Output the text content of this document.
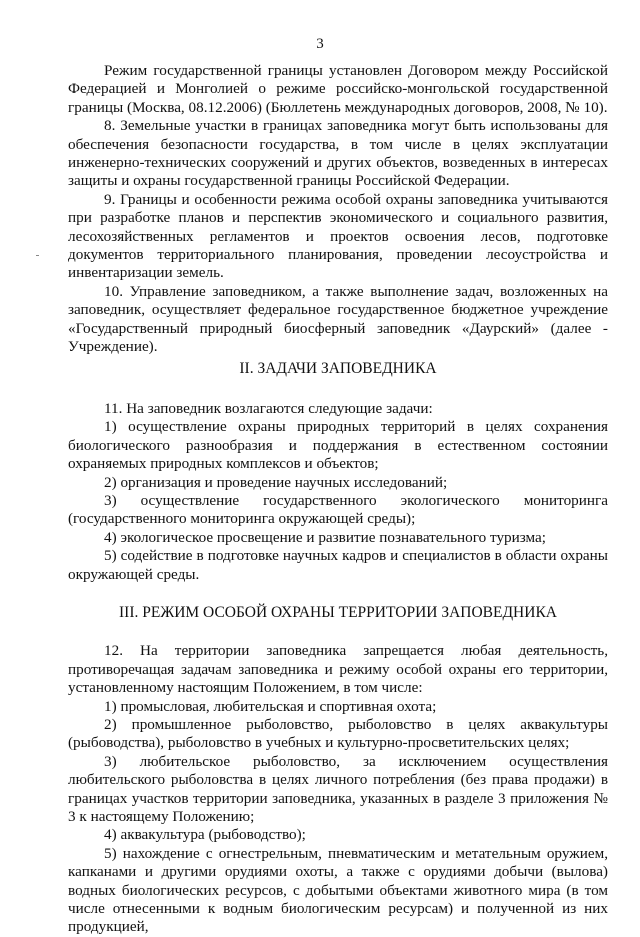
3

Режим государственной границы установлен Договором между Российской Федерацией и Монголией о режиме российско-монгольской государственной границы (Москва, 08.12.2006) (Бюллетень международных договоров, 2008, № 10).

8. Земельные участки в границах заповедника могут быть использованы для обеспечения безопасности государства, в том числе в целях эксплуатации инженерно-технических сооружений и других объектов, возведенных в интересах защиты и охраны государственной границы Российской Федерации.

9. Границы и особенности режима особой охраны заповедника учитываются при разработке планов и перспектив экономического и социального развития, лесохозяйственных регламентов и проектов освоения лесов, подготовке документов территориального планирования, проведении лесоустройства и инвентаризации земель.

10. Управление заповедником, а также выполнение задач, возложенных на заповедник, осуществляет федеральное государственное бюджетное учреждение «Государственный природный биосферный заповедник «Даурский» (далее - Учреждение).

II. ЗАДАЧИ ЗАПОВЕДНИКА

11. На заповедник возлагаются следующие задачи:

1) осуществление охраны природных территорий в целях сохранения биологического разнообразия и поддержания в естественном состоянии охраняемых природных комплексов и объектов;

2) организация и проведение научных исследований;

3) осуществление государственного экологического мониторинга (государственного мониторинга окружающей среды);

4) экологическое просвещение и развитие познавательного туризма;

5) содействие в подготовке научных кадров и специалистов в области охраны окружающей среды.

III. РЕЖИМ ОСОБОЙ ОХРАНЫ ТЕРРИТОРИИ ЗАПОВЕДНИКА

12. На территории заповедника запрещается любая деятельность, противоречащая задачам заповедника и режиму особой охраны его территории, установленному настоящим Положением, в том числе:

1) промысловая, любительская и спортивная охота;

2) промышленное рыболовство, рыболовство в целях аквакультуры (рыбоводства), рыболовство в учебных и культурно-просветительских целях;

3) любительское рыболовство, за исключением осуществления любительского рыболовства в целях личного потребления (без права продажи) в границах участков территории заповедника, указанных в разделе 3 приложения № 3 к настоящему Положению;

4) аквакультура (рыбоводство);

5) нахождение с огнестрельным, пневматическим и метательным оружием, капканами и другими орудиями охоты, а также с орудиями добычи (вылова) водных биологических ресурсов, с добытыми объектами животного мира (в том числе отнесенными к водным биологическим ресурсам) и полученной из них продукцией,
